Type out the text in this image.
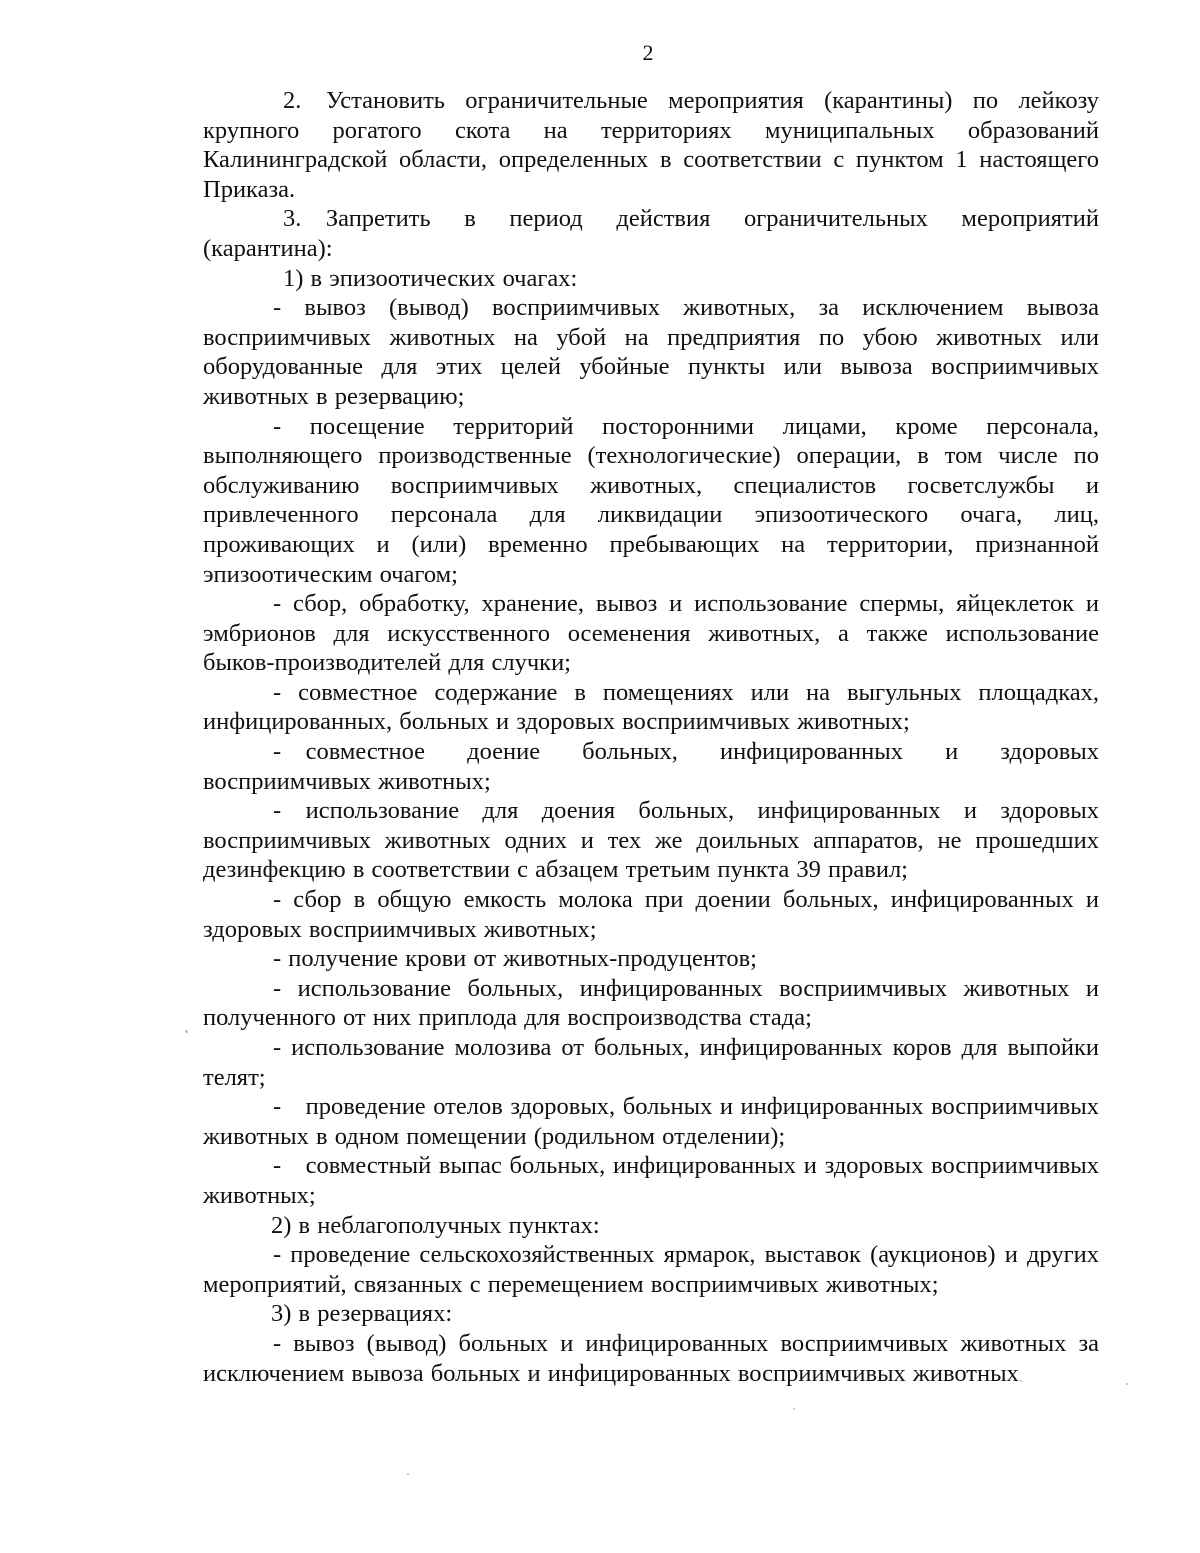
2

2. Установить ограничительные мероприятия (карантины) по лейкозу крупного рогатого скота на территориях муниципальных образований Калининградской области, определенных в соответствии с пунктом 1 настоящего Приказа.

3. Запретить в период действия ограничительных мероприятий (карантина):

1) в эпизоотических очагах:

- вывоз (вывод) восприимчивых животных, за исключением вывоза восприимчивых животных на убой на предприятия по убою животных или оборудованные для этих целей убойные пункты или вывоза восприимчивых животных в резервацию;

- посещение территорий посторонними лицами, кроме персонала, выполняющего производственные (технологические) операции, в том числе по обслуживанию восприимчивых животных, специалистов госветслужбы и привлеченного персонала для ликвидации эпизоотического очага, лиц, проживающих и (или) временно пребывающих на территории, признанной эпизоотическим очагом;

- сбор, обработку, хранение, вывоз и использование спермы, яйцеклеток и эмбрионов для искусственного осеменения животных, а также использование быков-производителей для случки;

- совместное содержание в помещениях или на выгульных площадках, инфицированных, больных и здоровых восприимчивых животных;

- совместное доение больных, инфицированных и здоровых восприимчивых животных;

- использование для доения больных, инфицированных и здоровых восприимчивых животных одних и тех же доильных аппаратов, не прошедших дезинфекцию в соответствии с абзацем третьим пункта 39 правил;

- сбор в общую емкость молока при доении больных, инфицированных и здоровых восприимчивых животных;

- получение крови от животных-продуцентов;

- использование больных, инфицированных восприимчивых животных и полученного от них приплода для воспроизводства стада;

- использование молозива от больных, инфицированных коров для выпойки телят;

- проведение отелов здоровых, больных и инфицированных восприимчивых животных в одном помещении (родильном отделении);

- совместный выпас больных, инфицированных и здоровых восприимчивых животных;

2) в неблагополучных пунктах:

- проведение сельскохозяйственных ярмарок, выставок (аукционов) и других мероприятий, связанных с перемещением восприимчивых животных;

3) в резервациях:

- вывоз (вывод) больных и инфицированных восприимчивых животных за исключением вывоза больных и инфицированных восприимчивых животных
